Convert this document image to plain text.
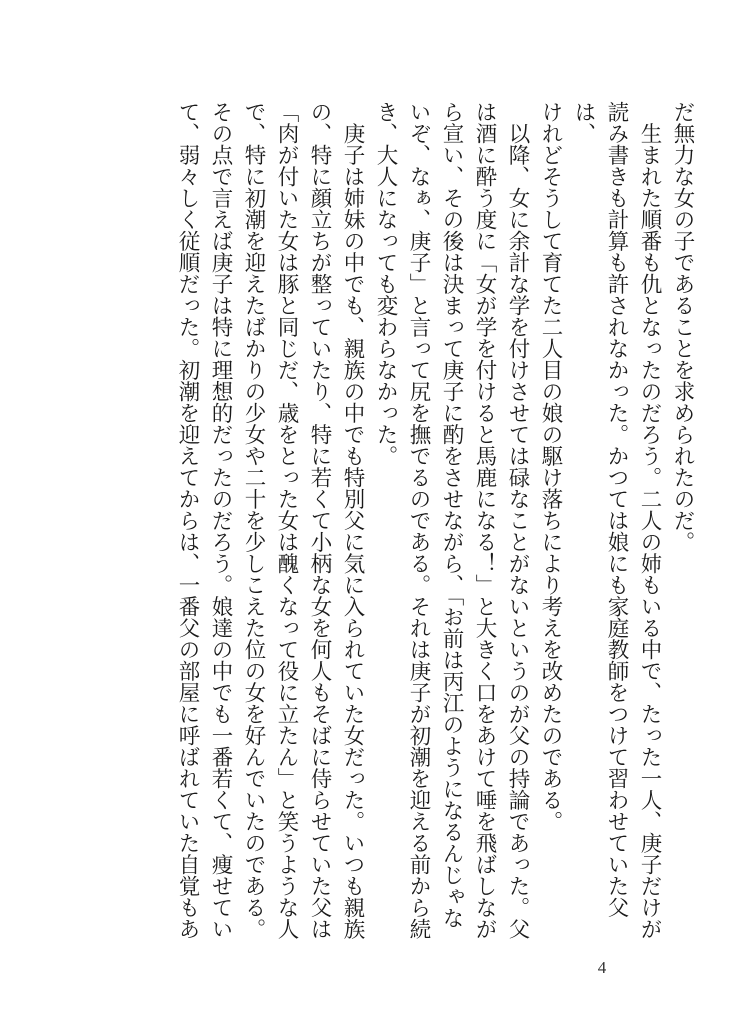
だ無力な女の子であることを求められたのだ。

　生まれた順番も仇となったのだろう。二人の姉もいる中で、たった一人、庚子だけが

読み書きも計算も許されなかった。かつては娘にも家庭教師をつけて習わせていた父は、

けれどそうして育てた二人目の娘の駆け落ちにより考えを改めたのである。

　以降、女に余計な学を付けさせては碌なことがないというのが父の持論であった。父

は酒に酔う度に「女が学を付けると馬鹿になる！」と大きく口をあけて唾を飛ばしなが

ら宣い、その後は決まって庚子に酌をさせながら、「お前は丙江のようになるんじゃな

いぞ、なぁ、庚子」と言って尻を撫でるのである。それは庚子が初潮を迎える前から続

き、大人になっても変わらなかった。

　庚子は姉妹の中でも、親族の中でも特別父に気に入られていた女だった。いつも親族

の、特に顔立ちが整っていたり、特に若くて小柄な女を何人もそばに侍らせていた父は

「肉が付いた女は豚と同じだ、歳をとった女は醜くなって役に立たん」と笑うような人

で、特に初潮を迎えたばかりの少女や二十を少しこえた位の女を好んでいたのである。

その点で言えば庚子は特に理想的だったのだろう。娘達の中でも一番若くて、痩せてい

て、弱々しく従順だった。初潮を迎えてからは、一番父の部屋に呼ばれていた自覚もあ

4
